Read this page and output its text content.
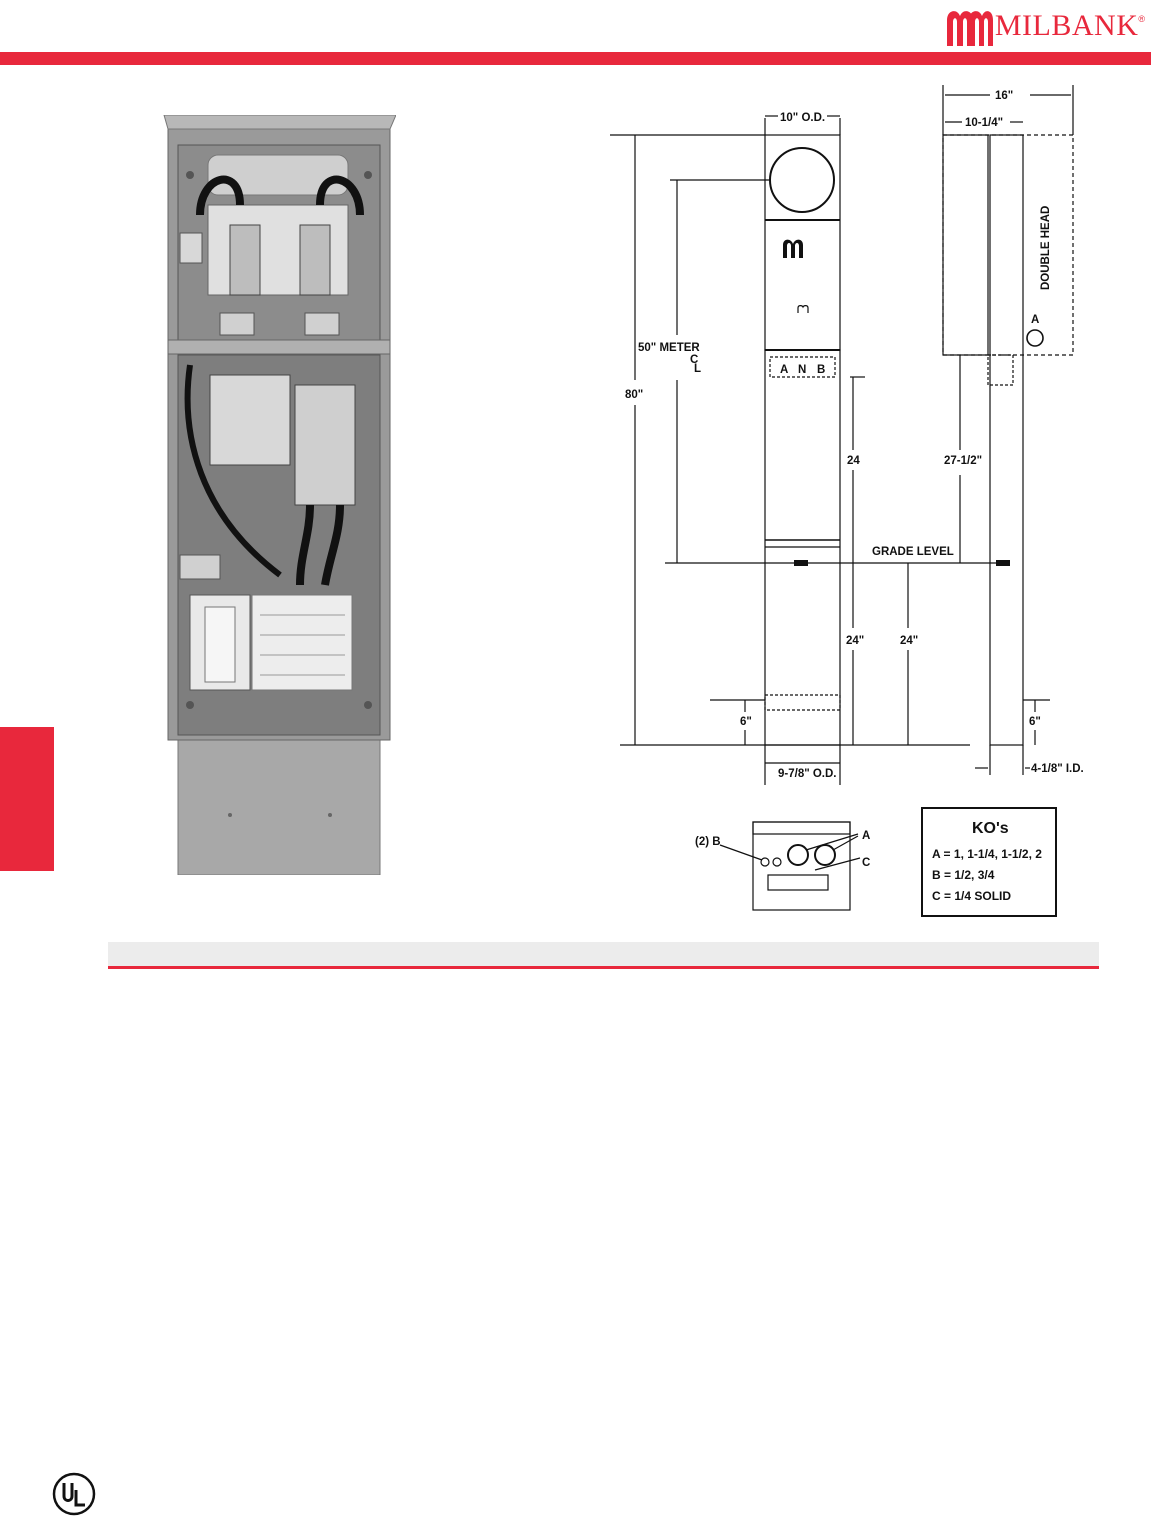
MILBANK ®
10" O.D.
50" METER
C
L
80"
A N B
24
GRADE LEVEL
24"	24"
6"
9-7/8" O.D.
16"
10-1/4"
DOUBLE HEAD
A
27-1/2"
6"
4-1/8" I.D.
(2) B	A
C
KO's
A = 1, 1-1/4, 1-1/2, 2
B = 1/2, 3/4
C = 1/4 SOLID
